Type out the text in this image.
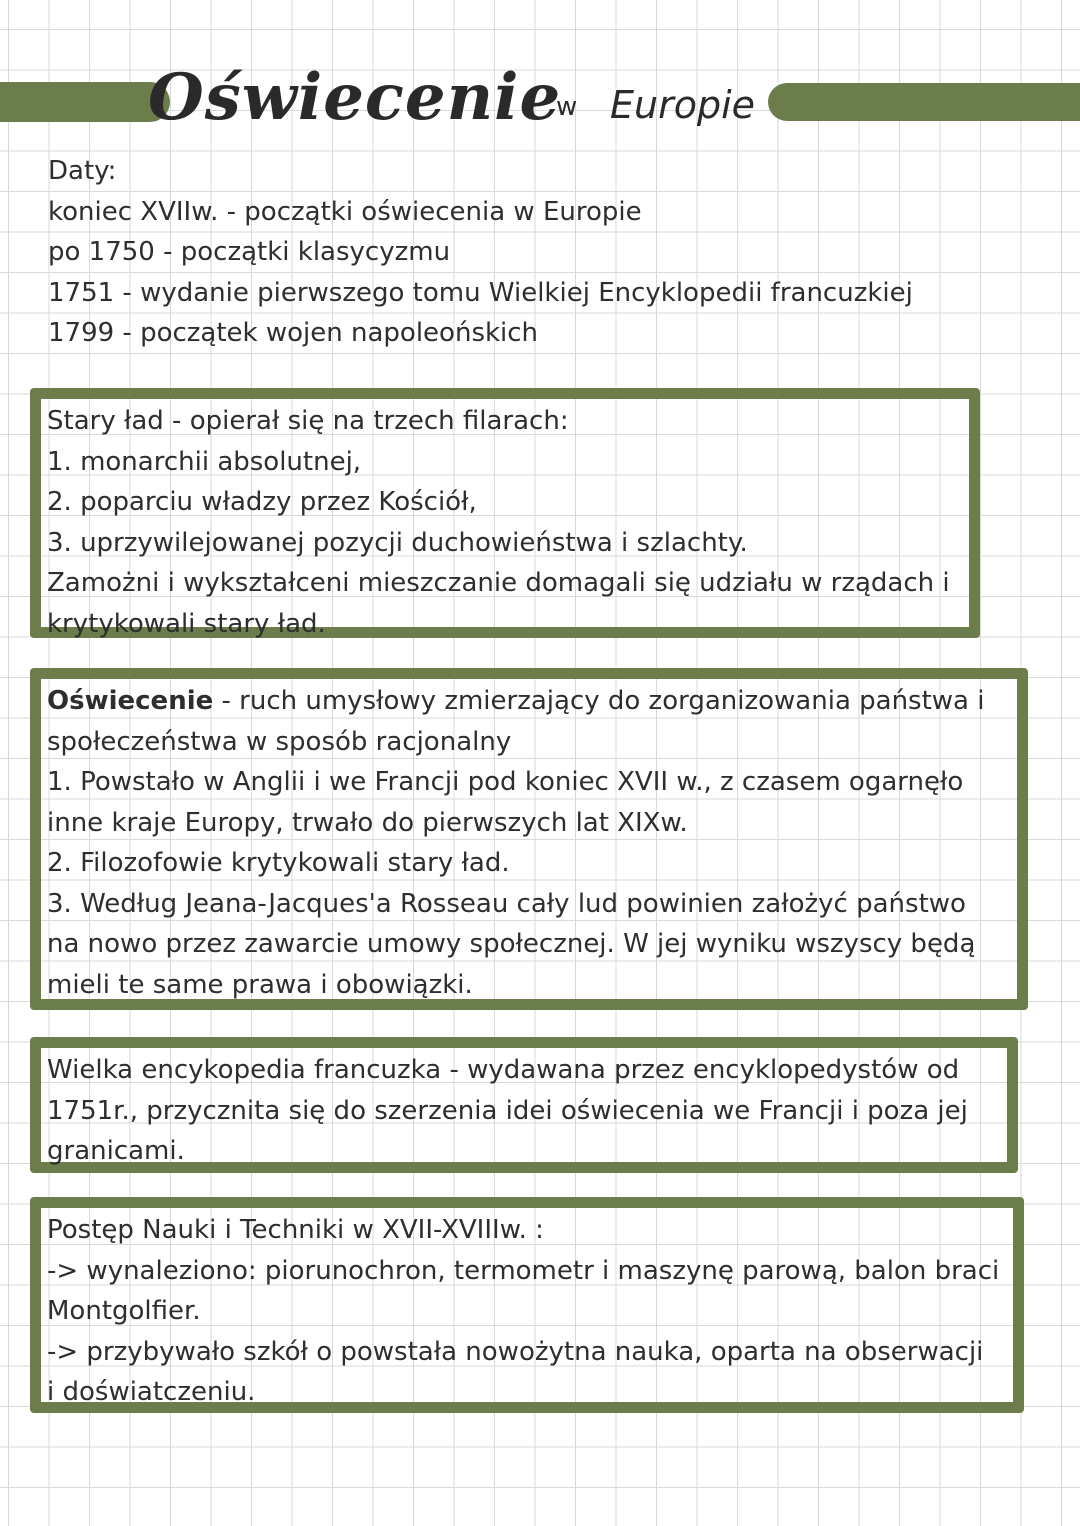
Oświecenie
w Europie
Daty:
koniec XVIIw. - początki oświecenia w Europie
po 1750 - początki klasycyzmu
1751 - wydanie pierwszego tomu Wielkiej Encyklopedii francuzkiej
1799 - początek wojen napoleońskich
Stary ład - opierał się na trzech filarach:
1. monarchii absolutnej,
2. poparciu władzy przez Kościół,
3. uprzywilejowanej pozycji duchowieństwa i szlachty.
Zamożni i wykształceni mieszczanie domagali się udziału w rządach i
krytykowali stary ład.
Oświecenie - ruch umysłowy zmierzający do zorganizowania państwa i
społeczeństwa w sposób racjonalny
1. Powstało w Anglii i we Francji pod koniec XVII w., z czasem ogarnęło
inne kraje Europy, trwało do pierwszych lat XIXw.
2. Filozofowie krytykowali stary ład.
3. Według Jeana-Jacques'a Rosseau cały lud powinien założyć państwo
na nowo przez zawarcie umowy społecznej. W jej wyniku wszyscy będą
mieli te same prawa i obowiązki.
Wielka encykopedia francuzka - wydawana przez encyklopedystów od
1751r., przycznita się do szerzenia idei oświecenia we Francji i poza jej
granicami.
Postęp Nauki i Techniki w XVII-XVIIIw. :
-> wynaleziono: piorunochron, termometr i maszynę parową, balon braci
Montgolfier.
-> przybywało szkół o powstała nowożytna nauka, oparta na obserwacji
i doświatczeniu.
